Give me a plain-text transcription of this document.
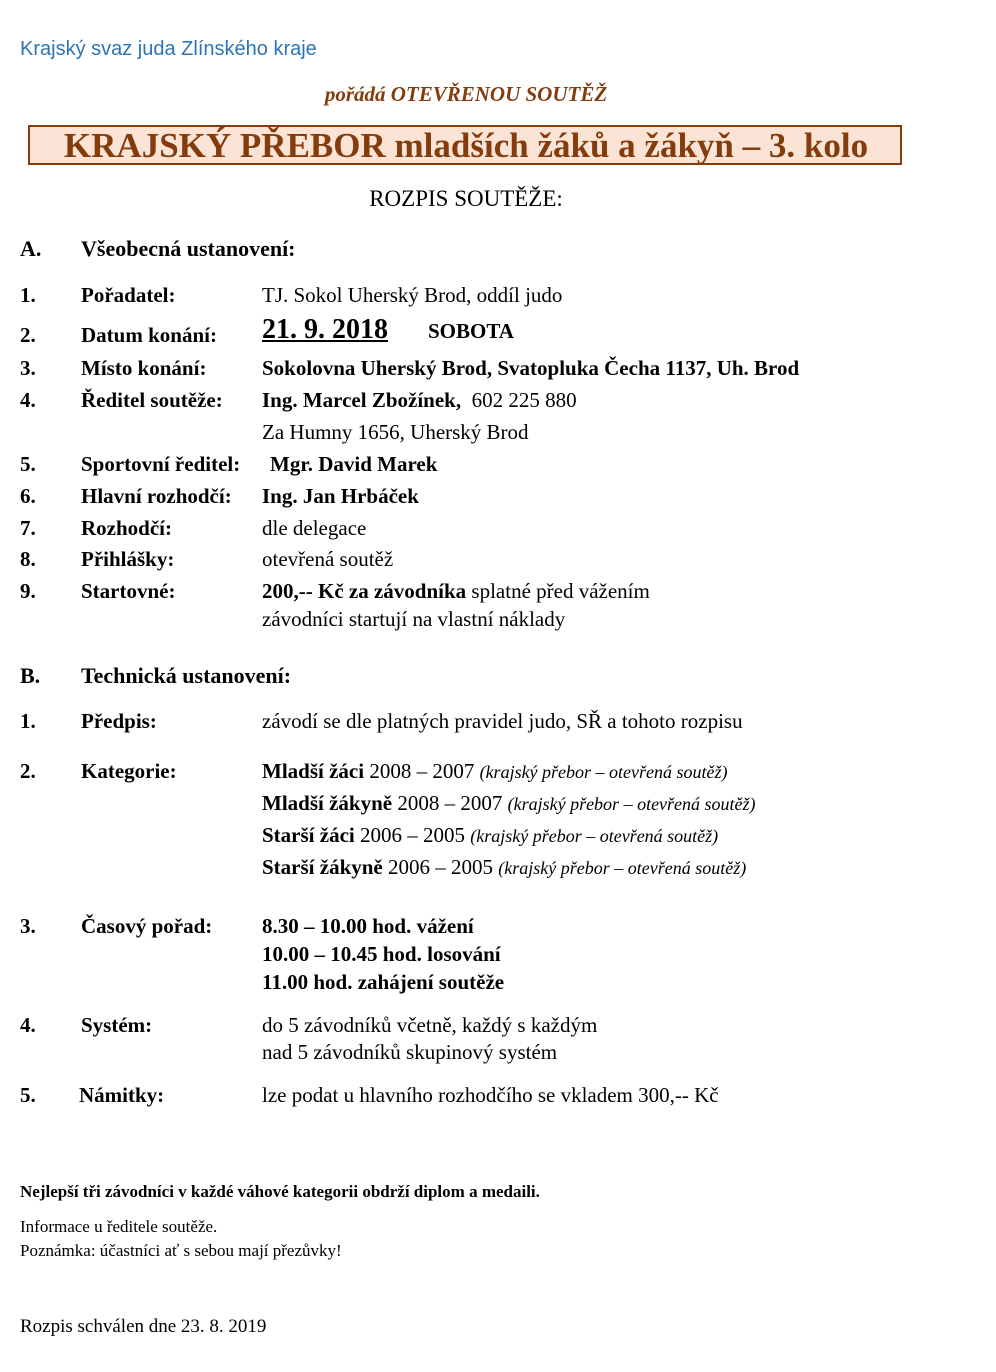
Krajský svaz juda Zlínského kraje
pořádá OTEVŘENOU SOUTĚŽ
KRAJSKÝ PŘEBOR mladších žáků a žákyň – 3. kolo
ROZPIS SOUTĚŽE:
A. Všeobecná ustanovení:
1. Pořadatel:	TJ. Sokol Uherský Brod, oddíl judo
2. Datum konání: 21. 9. 2018 SOBOTA
3. Místo konání:	Sokolovna Uherský Brod, Svatopluka Čecha 1137, Uh. Brod
4. Ředitel soutěže: Ing. Marcel Zbožínek,  602 225 880
Za Humny 1656, Uherský Brod
5. Sportovní ředitel: Mgr. David Marek
6. Hlavní rozhodčí: Ing. Jan Hrbáček
7. Rozhodčí:	dle delegace
8. Přihlášky:	otevřená soutěž
9. Startovné:	200,-- Kč za závodníka splatné před vážením
závodníci startují na vlastní náklady
B. Technická ustanovení:
1. Předpis:	závodí se dle platných pravidel judo, SŘ a tohoto rozpisu
2. Kategorie:	Mladší žáci 2008 – 2007 (krajský přebor – otevřená soutěž)
Mladší žákyně 2008 – 2007 (krajský přebor – otevřená soutěž)
Starší žáci 2006 – 2005 (krajský přebor – otevřená soutěž)
Starší žákyně 2006 – 2005 (krajský přebor – otevřená soutěž)
3. Časový pořad: 8.30 – 10.00 hod. vážení
10.00 – 10.45 hod. losování
11.00 hod. zahájení soutěže
4. Systém:	do 5 závodníků včetně, každý s každým
nad 5 závodníků skupinový systém
5. Námitky:	lze podat u hlavního rozhodčího se vkladem 300,-- Kč
Nejlepší tři závodníci v každé váhové kategorii obdrží diplom a medaili.
Informace u ředitele soutěže.
Poznámka: účastníci ať s sebou mají přezůvky!
Rozpis schválen dne 23. 8. 2019
